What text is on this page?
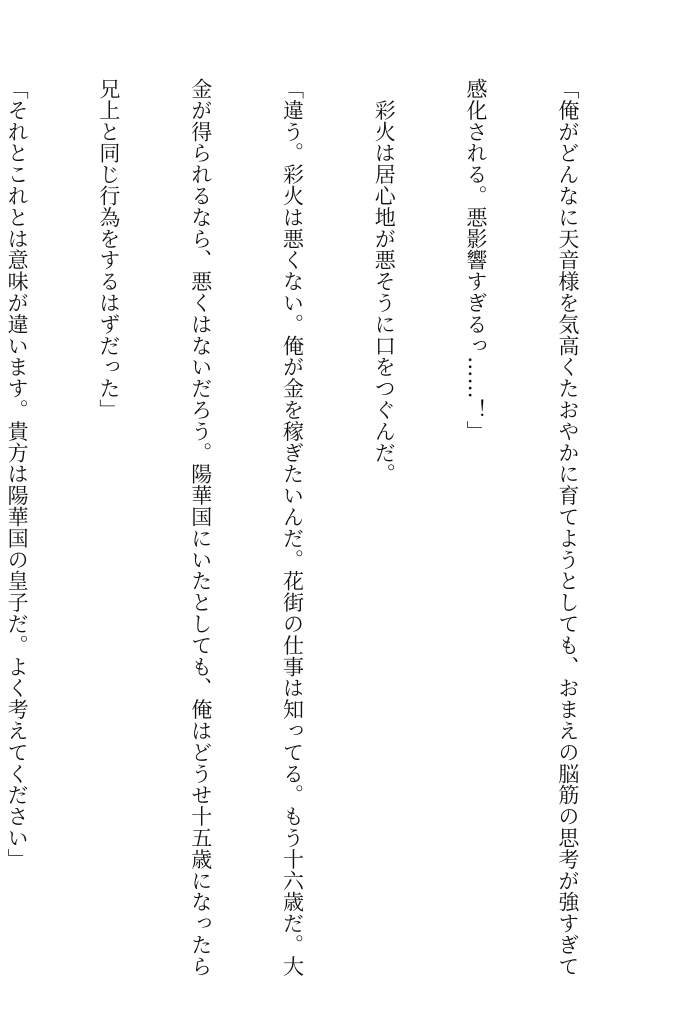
「俺がどんなに天音様を気高くたおやかに育てようとしても、おまえの脳筋の思考が強すぎて

感化される。悪影響すぎるっ……！」

　彩火は居心地が悪そうに口をつぐんだ。

「違う。彩火は悪くない。俺が金を稼ぎたいんだ。花街の仕事は知ってる。もう十六歳だ。大

金が得られるなら、悪くはないだろう。陽華国にいたとしても、俺はどうせ十五歳になったら

兄上と同じ行為をするはずだった」

「それとこれとは意味が違います。貴方は陽華国の皇子だ。よく考えてください」
